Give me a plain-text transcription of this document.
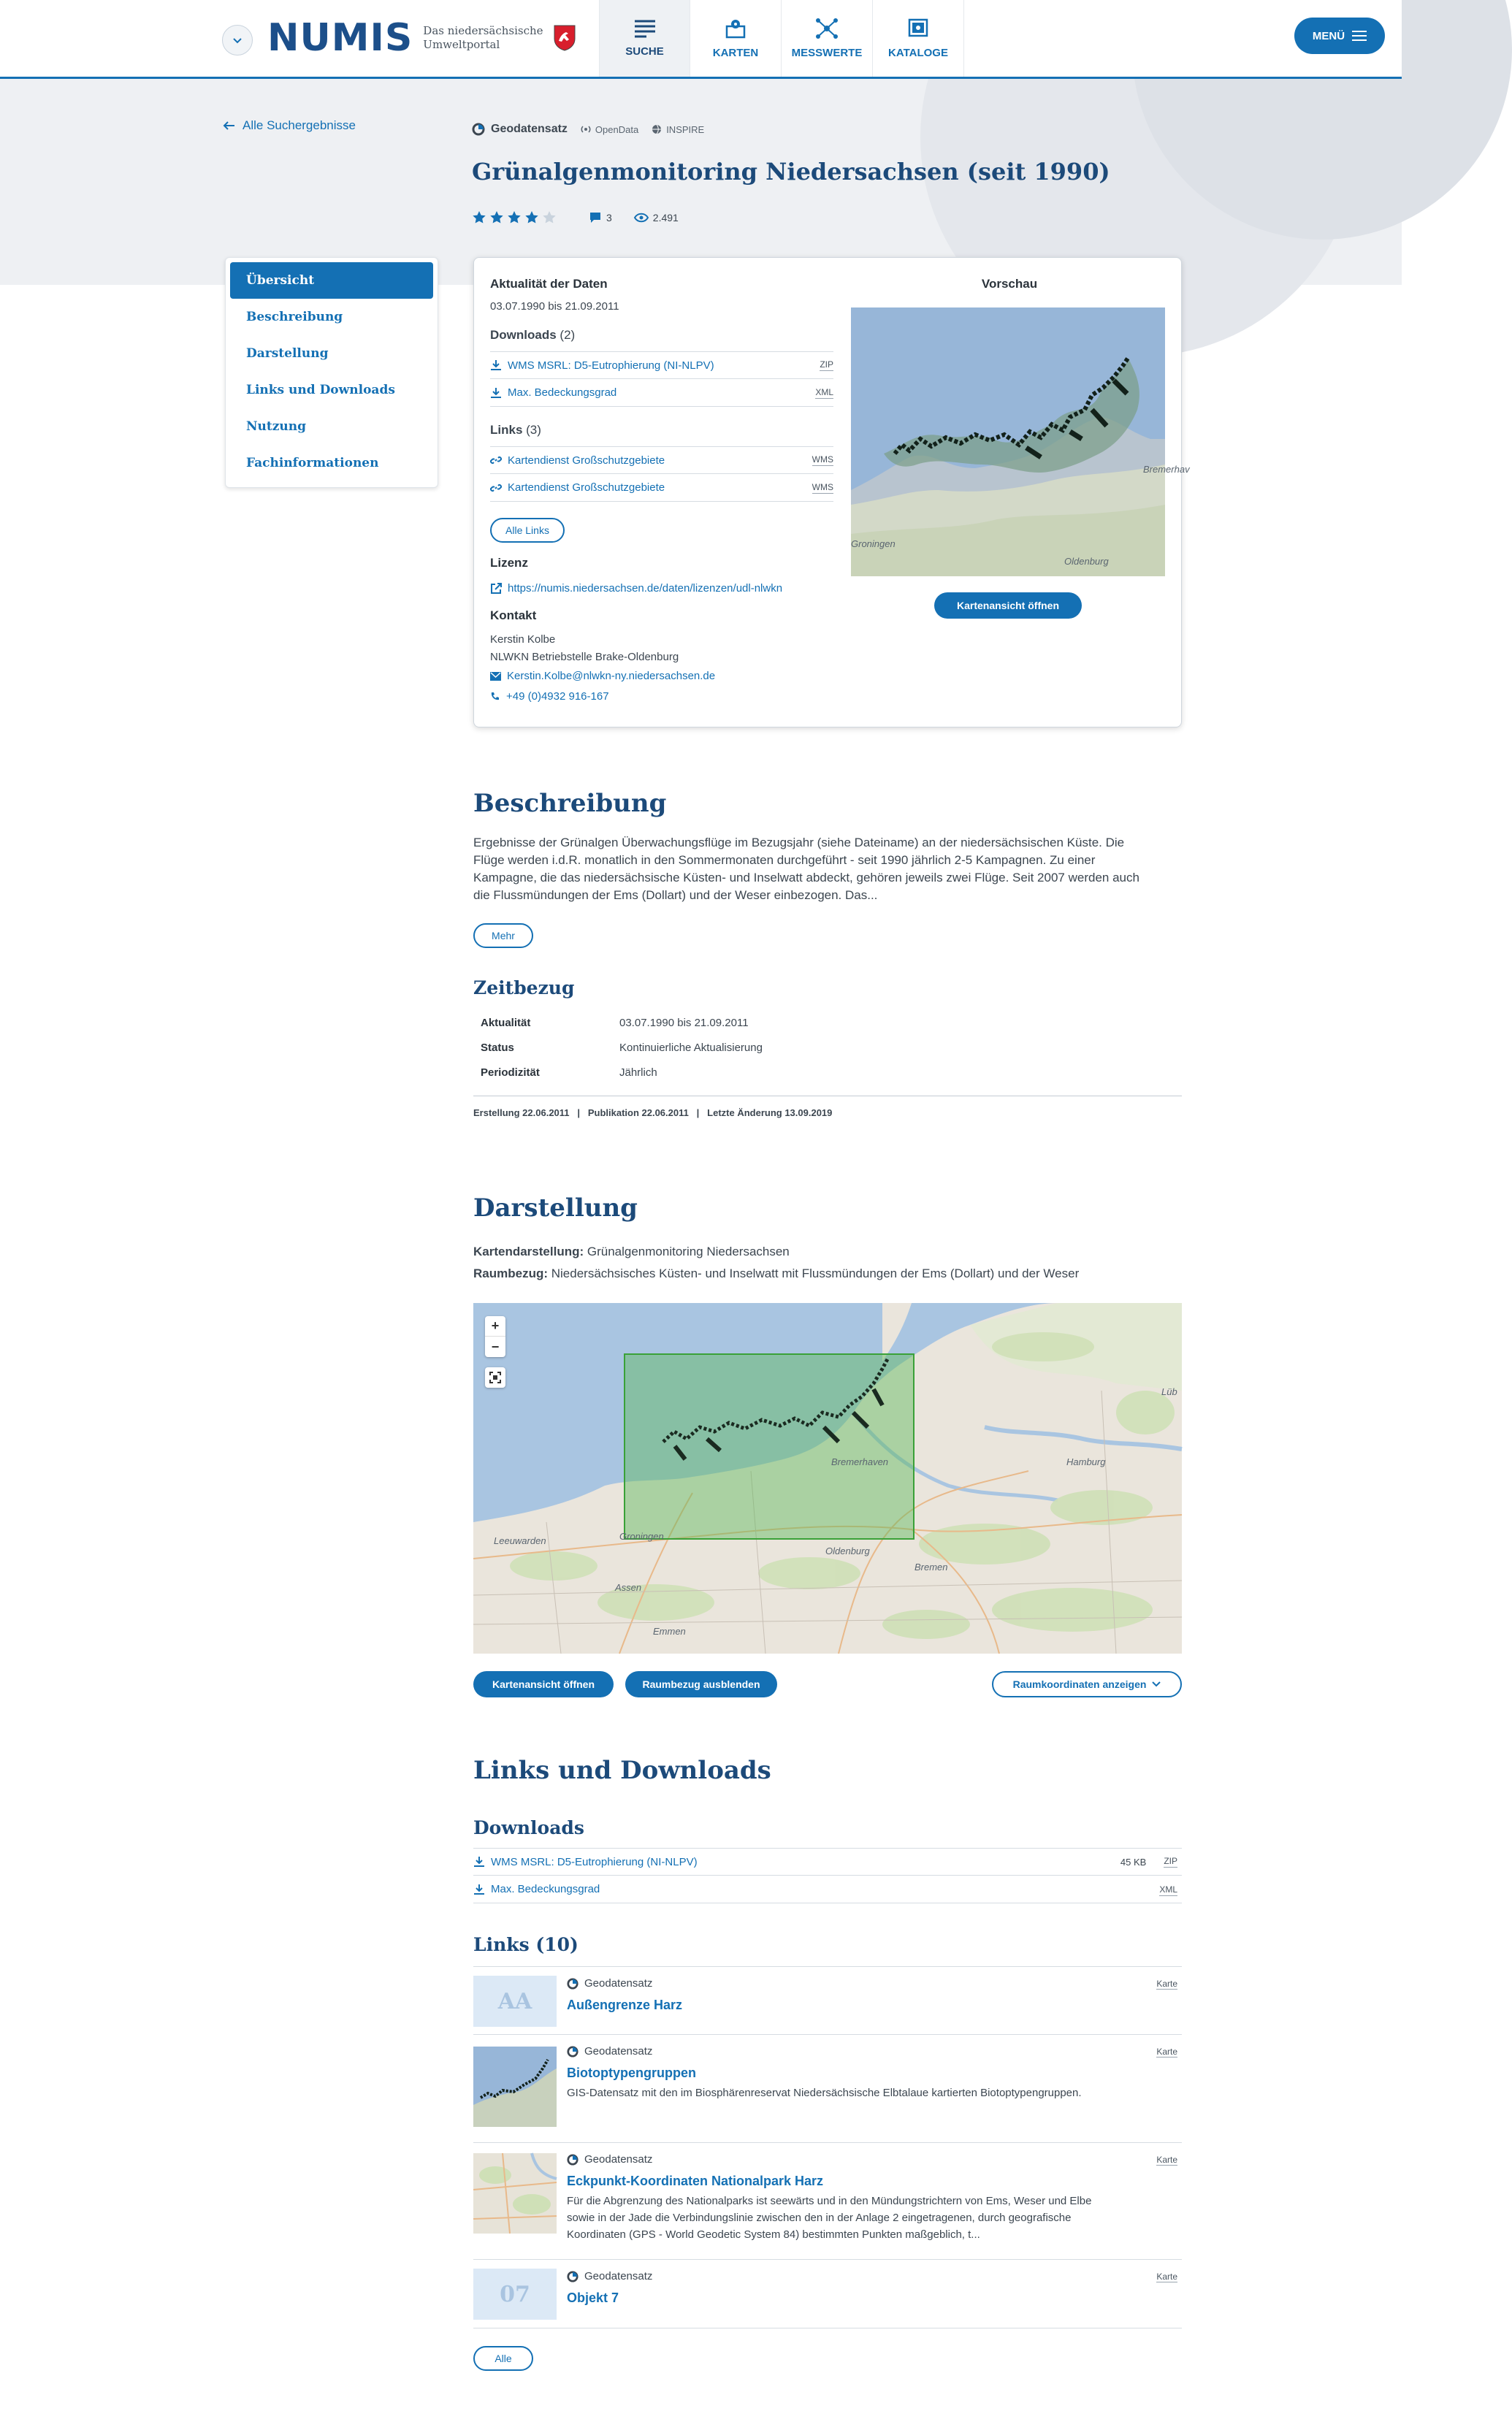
NUMIS Das niedersächsische
Umweltportal
SUCHE	KARTEN	MESSWERTE KATALOGE
MENÜ
Alle Suchergebnisse	Geodatensatz	OpenData	INSPIRE
Grünalgenmonitoring Niedersachsen (seit 1990)
3	2.491
Übersicht
Beschreibung
Darstellung
Links und Downloads
Nutzung
Fachinformationen
Aktualität der Daten
03.07.1990 bis 21.09.2011
Downloads (2)
WMS MSRL: D5-Eutrophierung (NI-NLPV)	ZIP
Max. Bedeckungsgrad	XML
Links (3)
Kartendienst Großschutzgebiete	WMS
Kartendienst Großschutzgebiete	WMS
Alle Links
Lizenz
https://numis.niedersachsen.de/daten/lizenzen/udl-nlwkn
Kontakt
Kerstin Kolbe
NLWKN Betriebstelle Brake-Oldenburg
Kerstin.Kolbe@nlwkn-ny.niedersachsen.de
+49 (0)4932 916-167
Vorschau
Bremerhav
Groningen
Oldenburg
Kartenansicht öffnen
Beschreibung
Ergebnisse der Grünalgen Überwachungsflüge im Bezugsjahr (siehe Dateiname) an der niedersächsischen Küste. Die
Flüge werden i.d.R. monatlich in den Sommermonaten durchgeführt - seit 1990 jährlich 2-5 Kampagnen. Zu einer
Kampagne, die das niedersächsische Küsten- und Inselwatt abdeckt, gehören jeweils zwei Flüge. Seit 2007 werden auch
die Flussmündungen der Ems (Dollart) und der Weser einbezogen. Das...
Mehr
Zeitbezug
Aktualität	03.07.1990 bis 21.09.2011
Status	Kontinuierliche Aktualisierung
Periodizität	Jährlich
Erstellung 22.06.2011   |   Publikation 22.06.2011   |   Letzte Änderung 13.09.2019
Darstellung
Kartendarstellung: Grünalgenmonitoring Niedersachsen
Raumbezug: Niedersächsisches Küsten- und Inselwatt mit Flussmündungen der Ems (Dollart) und der Weser
Bremerhaven	Hamburg
Lüb
Leeuwarden	Groningen
Oldenburg
Bremen
Assen
Emmen
+
−
Kartenansicht öffnen	Raumbezug ausblenden	Raumkoordinaten anzeigen
Links und Downloads
Downloads
WMS MSRL: D5-Eutrophierung (NI-NLPV)	45 KB ZIP
Max. Bedeckungsgrad	XML
Links (10)
AA
Geodatensatz
Außengrenze Harz
Karte
Geodatensatz
Biotoptypengruppen
GIS-Datensatz mit den im Biosphärenreservat Niedersächsische Elbtalaue kartierten Biotoptypengruppen.
Karte
Geodatensatz
Eckpunkt-Koordinaten Nationalpark Harz
Für die Abgrenzung des Nationalparks ist seewärts und in den Mündungstrichtern von Ems, Weser und Elbe
sowie in der Jade die Verbindungslinie zwischen den in der Anlage 2 eingetragenen, durch geografische
Koordinaten (GPS - World Geodetic System 84) bestimmten Punkten maßgeblich, t...
Karte
07
Geodatensatz
Objekt 7
Karte
Alle
